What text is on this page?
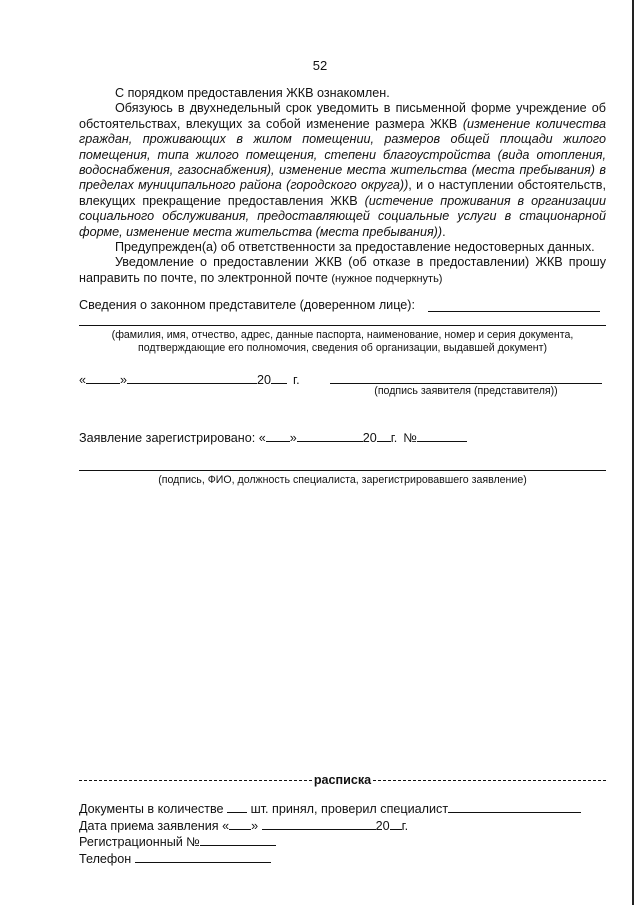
52

С порядком предоставления ЖКВ ознакомлен.

Обязуюсь в двухнедельный срок уведомить в письменной форме учреждение об обстоятельствах, влекущих за собой изменение размера ЖКВ (изменение количества граждан, проживающих в жилом помещении, размеров общей площади жилого помещения, типа жилого помещения, степени благоустройства (вида отопления, водоснабжения, газоснабжения), изменение места жительства (места пребывания) в пределах муниципального района (городского округа)), и о наступлении обстоятельств, влекущих прекращение предоставления ЖКВ (истечение проживания в организации социального обслуживания, предоставляющей социальные услуги в стационарной форме, изменение места жительства (места пребывания)).

Предупрежден(а) об ответственности за предоставление недостоверных данных.

Уведомление о предоставлении ЖКВ (об отказе в предоставлении) ЖКВ прошу направить по почте, по электронной почте (нужное подчеркнуть)

Сведения о законном представителе (доверенном лице):
(фамилия, имя, отчество, адрес, данные паспорта, наименование, номер и серия документа,
подтверждающие его полномочия, сведения об организации, выдавшей документ)
«	»	20 г.
(подпись заявителя (представителя))
Заявление зарегистрировано: « »	20 г. №
(подпись, ФИО, должность специалиста, зарегистрировавшего заявление)
расписка
Документы в количестве шт. принял, проверил специалист
Дата приема заявления « »	20 г.
Регистрационный №
Телефон
